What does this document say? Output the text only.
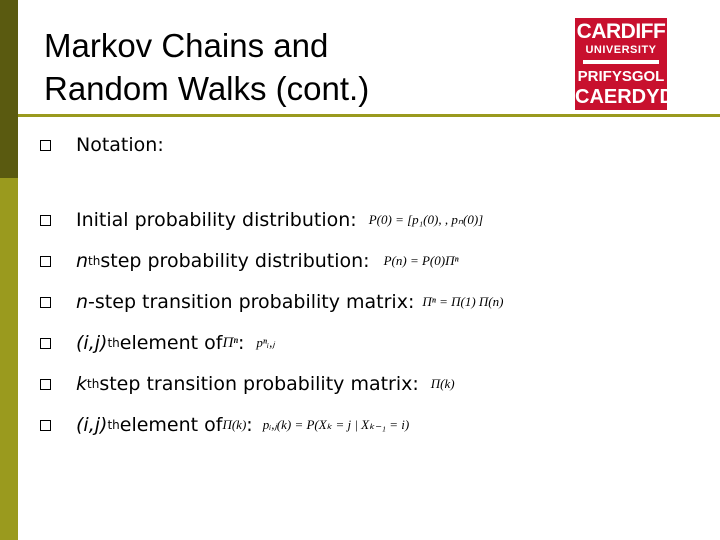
Markov Chains and
Random Walks (cont.)
CARDIFF
UNIVERSITY
PRIFYSGOL
CAERDYD
Notation:
Initial probability distribution: P(0) = [p₁(0), , pₙ(0)]
n th step probability distribution: P(n) = P(0)Πⁿ
n -step transition probability matrix: Πⁿ = Π(1) Π(n)
(i,j) th element of Πⁿ : pⁿᵢ,ⱼ
k th step transition probability matrix: Π(k)
(i,j) th element of Π(k) : pᵢ,ⱼ(k) = P(Xₖ = j | Xₖ₋₁ = i)
